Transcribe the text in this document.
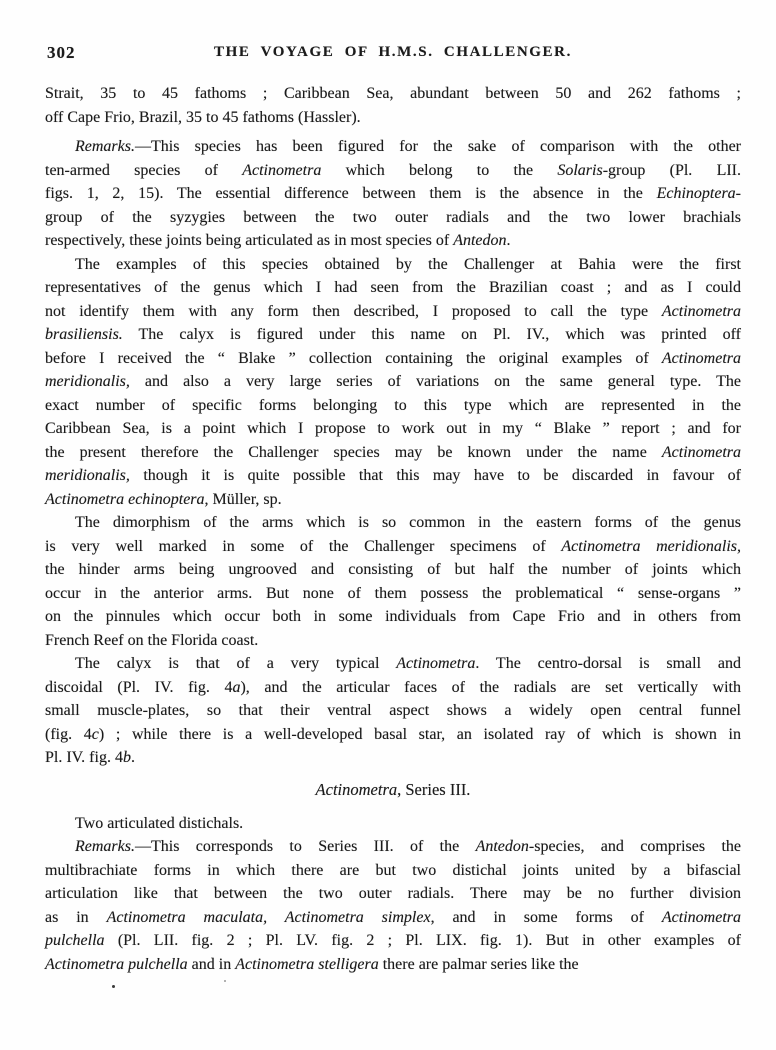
302	THE VOYAGE OF H.M.S. CHALLENGER.
Strait, 35 to 45 fathoms ; Caribbean Sea, abundant between 50 and 262 fathoms ;
off Cape Frio, Brazil, 35 to 45 fathoms (Hassler).
Remarks.—This species has been figured for the sake of comparison with the other
ten-armed species of Actinometra which belong to the Solaris-group (Pl. LII.
figs. 1, 2, 15). The essential difference between them is the absence in the Echinoptera-
group of the syzygies between the two outer radials and the two lower brachials
respectively, these joints being articulated as in most species of Antedon.
The examples of this species obtained by the Challenger at Bahia were the first
representatives of the genus which I had seen from the Brazilian coast ; and as I could
not identify them with any form then described, I proposed to call the type Actinometra
brasiliensis. The calyx is figured under this name on Pl. IV., which was printed off
before I received the “ Blake ” collection containing the original examples of Actinometra
meridionalis, and also a very large series of variations on the same general type. The
exact number of specific forms belonging to this type which are represented in the
Caribbean Sea, is a point which I propose to work out in my “ Blake ” report ; and for
the present therefore the Challenger species may be known under the name Actinometra
meridionalis, though it is quite possible that this may have to be discarded in favour of
Actinometra echinoptera, Müller, sp.
The dimorphism of the arms which is so common in the eastern forms of the genus
is very well marked in some of the Challenger specimens of Actinometra meridionalis,
the hinder arms being ungrooved and consisting of but half the number of joints which
occur in the anterior arms. But none of them possess the problematical “ sense-organs ”
on the pinnules which occur both in some individuals from Cape Frio and in others from
French Reef on the Florida coast.
The calyx is that of a very typical Actinometra. The centro-dorsal is small and
discoidal (Pl. IV. fig. 4a), and the articular faces of the radials are set vertically with
small muscle-plates, so that their ventral aspect shows a widely open central funnel
(fig. 4c) ; while there is a well-developed basal star, an isolated ray of which is shown in
Pl. IV. fig. 4b.
Actinometra, Series III.
Two articulated distichals.
Remarks.—This corresponds to Series III. of the Antedon-species, and comprises the
multibrachiate forms in which there are but two distichal joints united by a bifascial
articulation like that between the two outer radials. There may be no further division
as in Actinometra maculata, Actinometra simplex, and in some forms of Actinometra
pulchella (Pl. LII. fig. 2 ; Pl. LV. fig. 2 ; Pl. LIX. fig. 1). But in other examples of
Actinometra pulchella and in Actinometra stelligera there are palmar series like the
